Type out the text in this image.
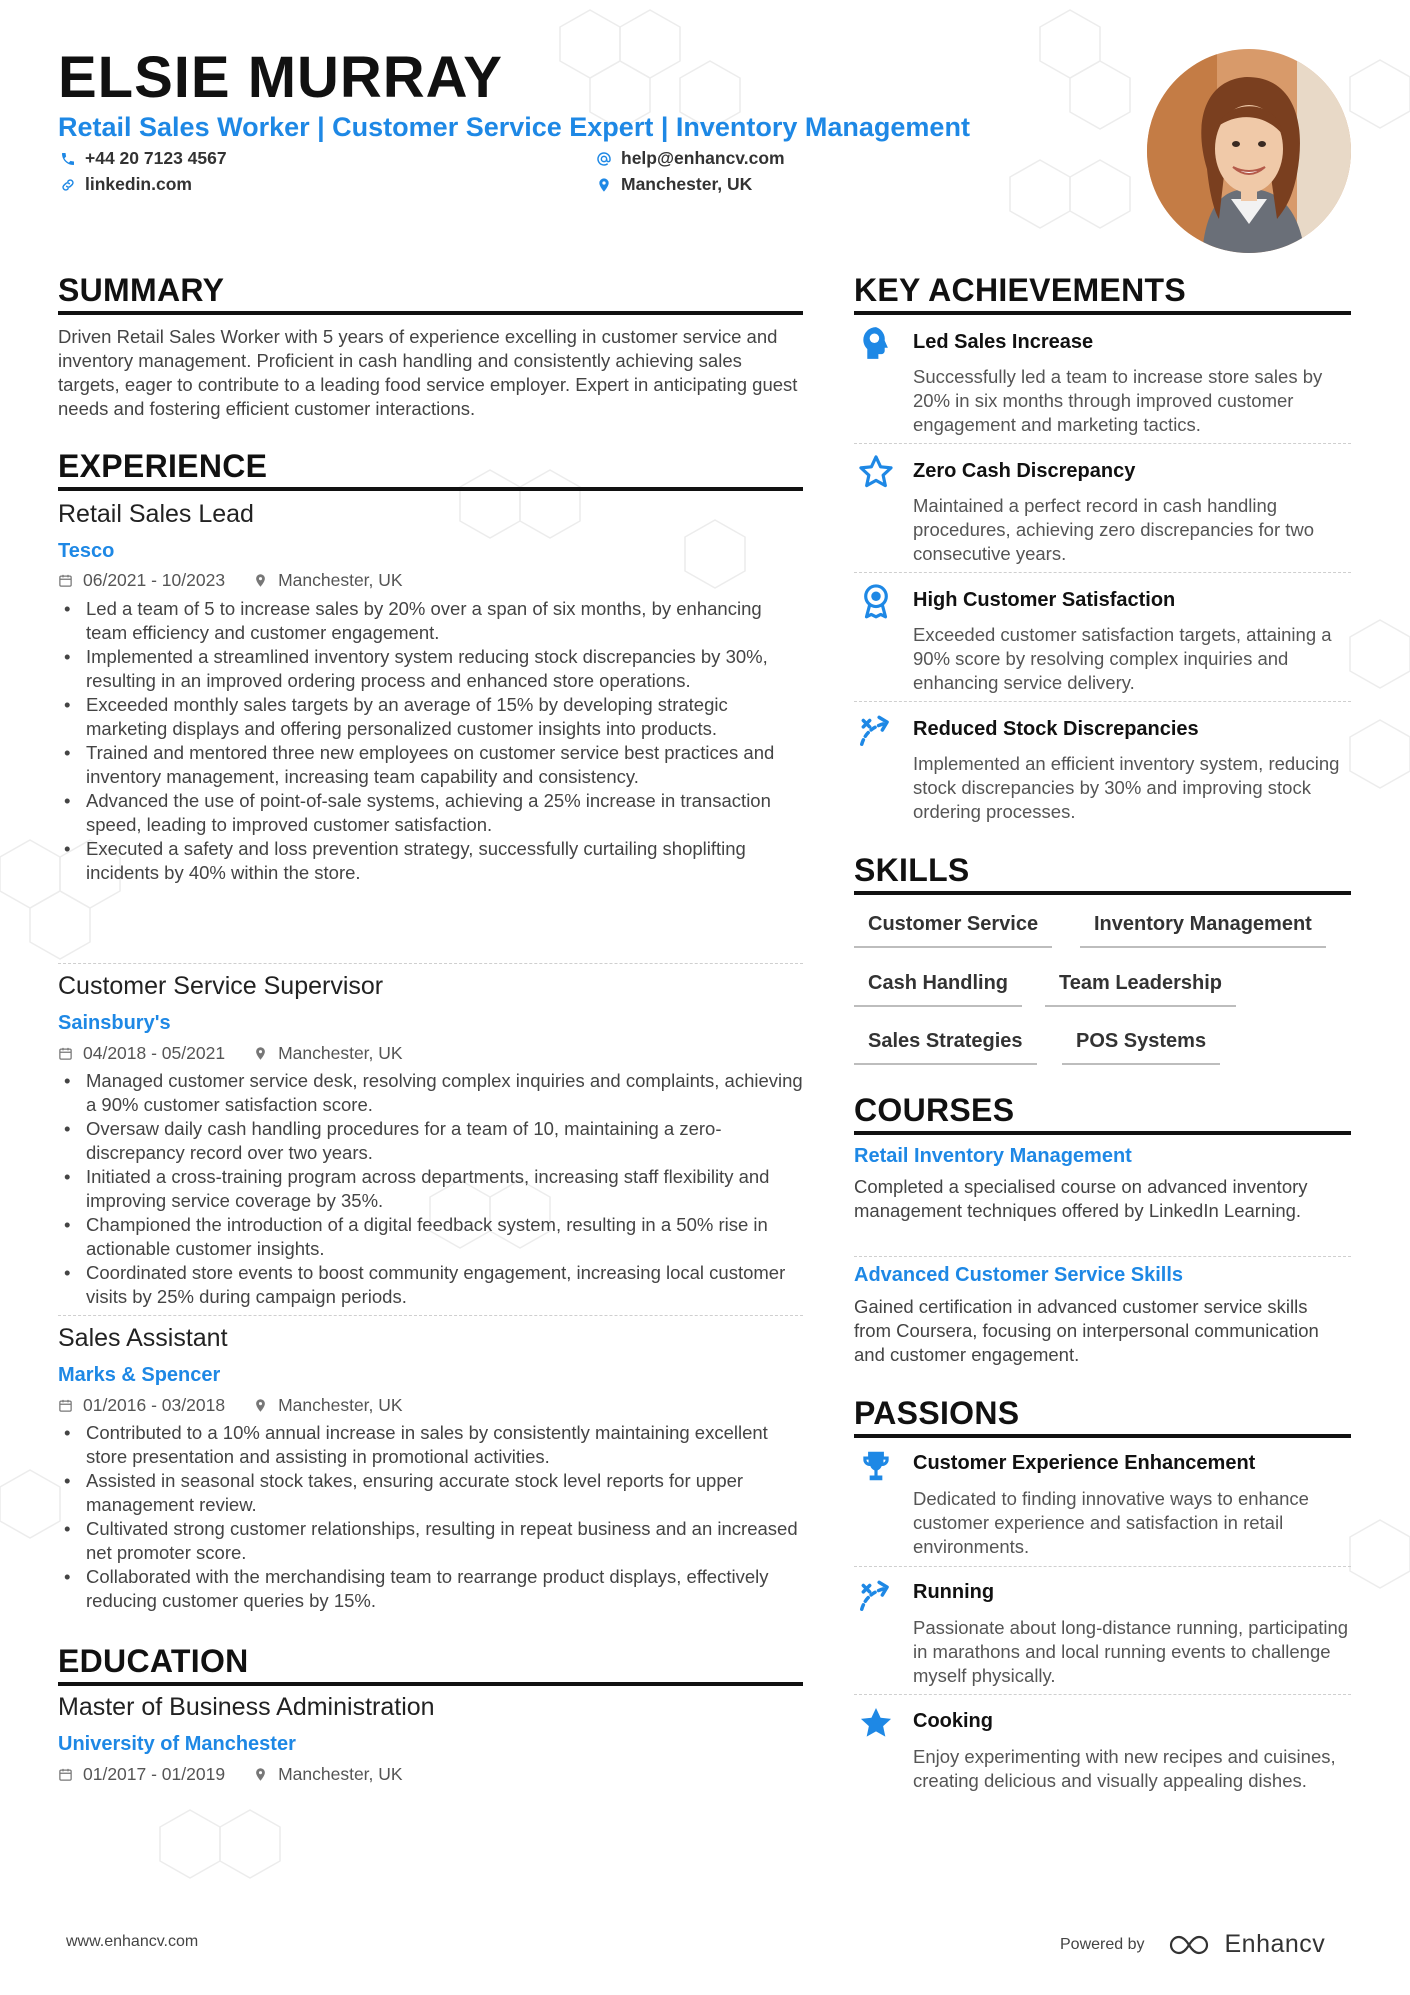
ELSIE MURRAY
Retail Sales Worker | Customer Service Expert | Inventory Management
+44 20 7123 4567	help@enhancv.com
linkedin.com	Manchester, UK
SUMMARY
Driven Retail Sales Worker with 5 years of experience excelling in customer service and inventory management. Proficient in cash handling and consistently achieving sales targets, eager to contribute to a leading food service employer. Expert in anticipating guest needs and fostering efficient customer interactions.
EXPERIENCE
Retail Sales Lead
Tesco
06/2021 - 10/2023	Manchester, UK
• Led a team of 5 to increase sales by 20% over a span of six months, by enhancing team efficiency and customer engagement.
• Implemented a streamlined inventory system reducing stock discrepancies by 30%, resulting in an improved ordering process and enhanced store operations.
• Exceeded monthly sales targets by an average of 15% by developing strategic marketing displays and offering personalized customer insights into products.
• Trained and mentored three new employees on customer service best practices and inventory management, increasing team capability and consistency.
• Advanced the use of point-of-sale systems, achieving a 25% increase in transaction speed, leading to improved customer satisfaction.
• Executed a safety and loss prevention strategy, successfully curtailing shoplifting incidents by 40% within the store.
Customer Service Supervisor
Sainsbury's
04/2018 - 05/2021	Manchester, UK
• Managed customer service desk, resolving complex inquiries and complaints, achieving a 90% customer satisfaction score.
• Oversaw daily cash handling procedures for a team of 10, maintaining a zero-discrepancy record over two years.
• Initiated a cross-training program across departments, increasing staff flexibility and improving service coverage by 35%.
• Championed the introduction of a digital feedback system, resulting in a 50% rise in actionable customer insights.
• Coordinated store events to boost community engagement, increasing local customer visits by 25% during campaign periods.
Sales Assistant
Marks & Spencer
01/2016 - 03/2018	Manchester, UK
• Contributed to a 10% annual increase in sales by consistently maintaining excellent store presentation and assisting in promotional activities.
• Assisted in seasonal stock takes, ensuring accurate stock level reports for upper management review.
• Cultivated strong customer relationships, resulting in repeat business and an increased net promoter score.
• Collaborated with the merchandising team to rearrange product displays, effectively reducing customer queries by 15%.
EDUCATION
Master of Business Administration
University of Manchester
01/2017 - 01/2019	Manchester, UK
KEY ACHIEVEMENTS
Led Sales Increase
Successfully led a team to increase store sales by 20% in six months through improved customer engagement and marketing tactics.
Zero Cash Discrepancy
Maintained a perfect record in cash handling procedures, achieving zero discrepancies for two consecutive years.
High Customer Satisfaction
Exceeded customer satisfaction targets, attaining a 90% score by resolving complex inquiries and enhancing service delivery.
Reduced Stock Discrepancies
Implemented an efficient inventory system, reducing stock discrepancies by 30% and improving stock ordering processes.
SKILLS
Customer Service	Inventory Management
Cash Handling	Team Leadership
Sales Strategies	POS Systems
COURSES
Retail Inventory Management
Completed a specialised course on advanced inventory management techniques offered by LinkedIn Learning.
Advanced Customer Service Skills
Gained certification in advanced customer service skills from Coursera, focusing on interpersonal communication and customer engagement.
PASSIONS
Customer Experience Enhancement
Dedicated to finding innovative ways to enhance customer experience and satisfaction in retail environments.
Running
Passionate about long-distance running, participating in marathons and local running events to challenge myself physically.
Cooking
Enjoy experimenting with new recipes and cuisines, creating delicious and visually appealing dishes.
www.enhancv.com	Powered by	Enhancv
